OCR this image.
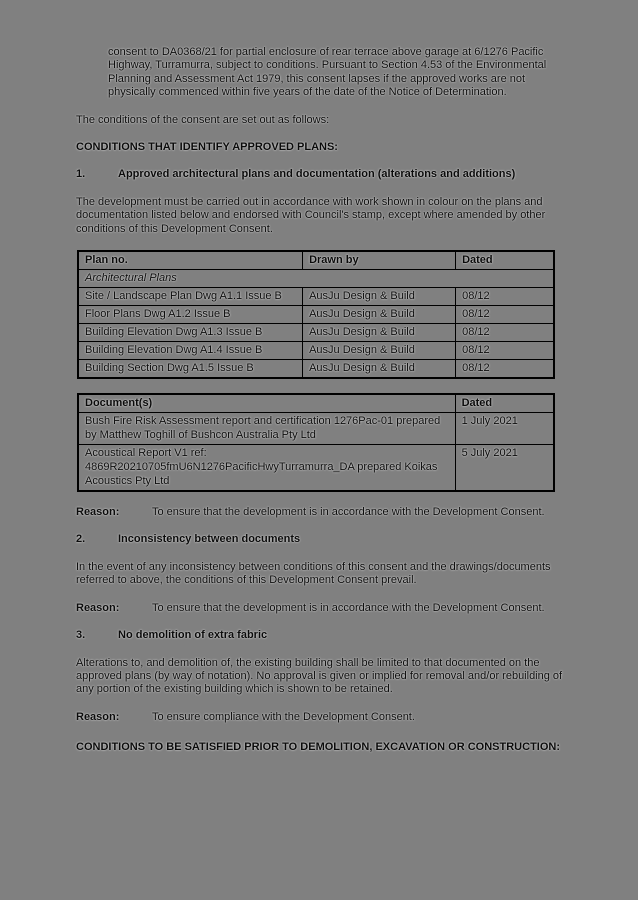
consent to DA0368/21 for partial enclosure of rear terrace above garage at 6/1276 Pacific Highway, Turramurra, subject to conditions. Pursuant to Section 4.53 of the Environmental Planning and Assessment Act 1979, this consent lapses if the approved works are not physically commenced within five years of the date of the Notice of Determination.

The conditions of the consent are set out as follows:

CONDITIONS THAT IDENTIFY APPROVED PLANS:

1.	Approved architectural plans and documentation (alterations and additions)

The development must be carried out in accordance with work shown in colour on the plans and documentation listed below and endorsed with Council's stamp, except where amended by other conditions of this Development Consent.

Plan no.	Drawn by	Dated
Architectural Plans		
Site / Landscape Plan Dwg A1.1 Issue B	AusJu Design & Build	08/12
Floor Plans Dwg A1.2 Issue B	AusJu Design & Build	08/12
Building Elevation Dwg A1.3 Issue B	AusJu Design & Build	08/12
Building Elevation Dwg A1.4 Issue B	AusJu Design & Build	08/12
Building Section Dwg A1.5 Issue B	AusJu Design & Build	08/12
Document(s)	Dated
Bush Fire Risk Assessment report and certification 1276Pac-01 prepared by Matthew Toghill of Bushcon Australia Pty Ltd	1 July 2021
Acoustical Report V1 ref: 4869R20210705fmU6N1276PacificHwyTurramurra_DA prepared Koikas Acoustics Pty Ltd	5 July 2021
Reason:	To ensure that the development is in accordance with the Development Consent.
2.	Inconsistency between documents

In the event of any inconsistency between conditions of this consent and the drawings/documents referred to above, the conditions of this Development Consent prevail.

Reason:	To ensure that the development is in accordance with the Development Consent.
3.	No demolition of extra fabric

Alterations to, and demolition of, the existing building shall be limited to that documented on the approved plans (by way of notation). No approval is given or implied for removal and/or rebuilding of any portion of the existing building which is shown to be retained.

Reason:	To ensure compliance with the Development Consent.

CONDITIONS TO BE SATISFIED PRIOR TO DEMOLITION, EXCAVATION OR CONSTRUCTION:
